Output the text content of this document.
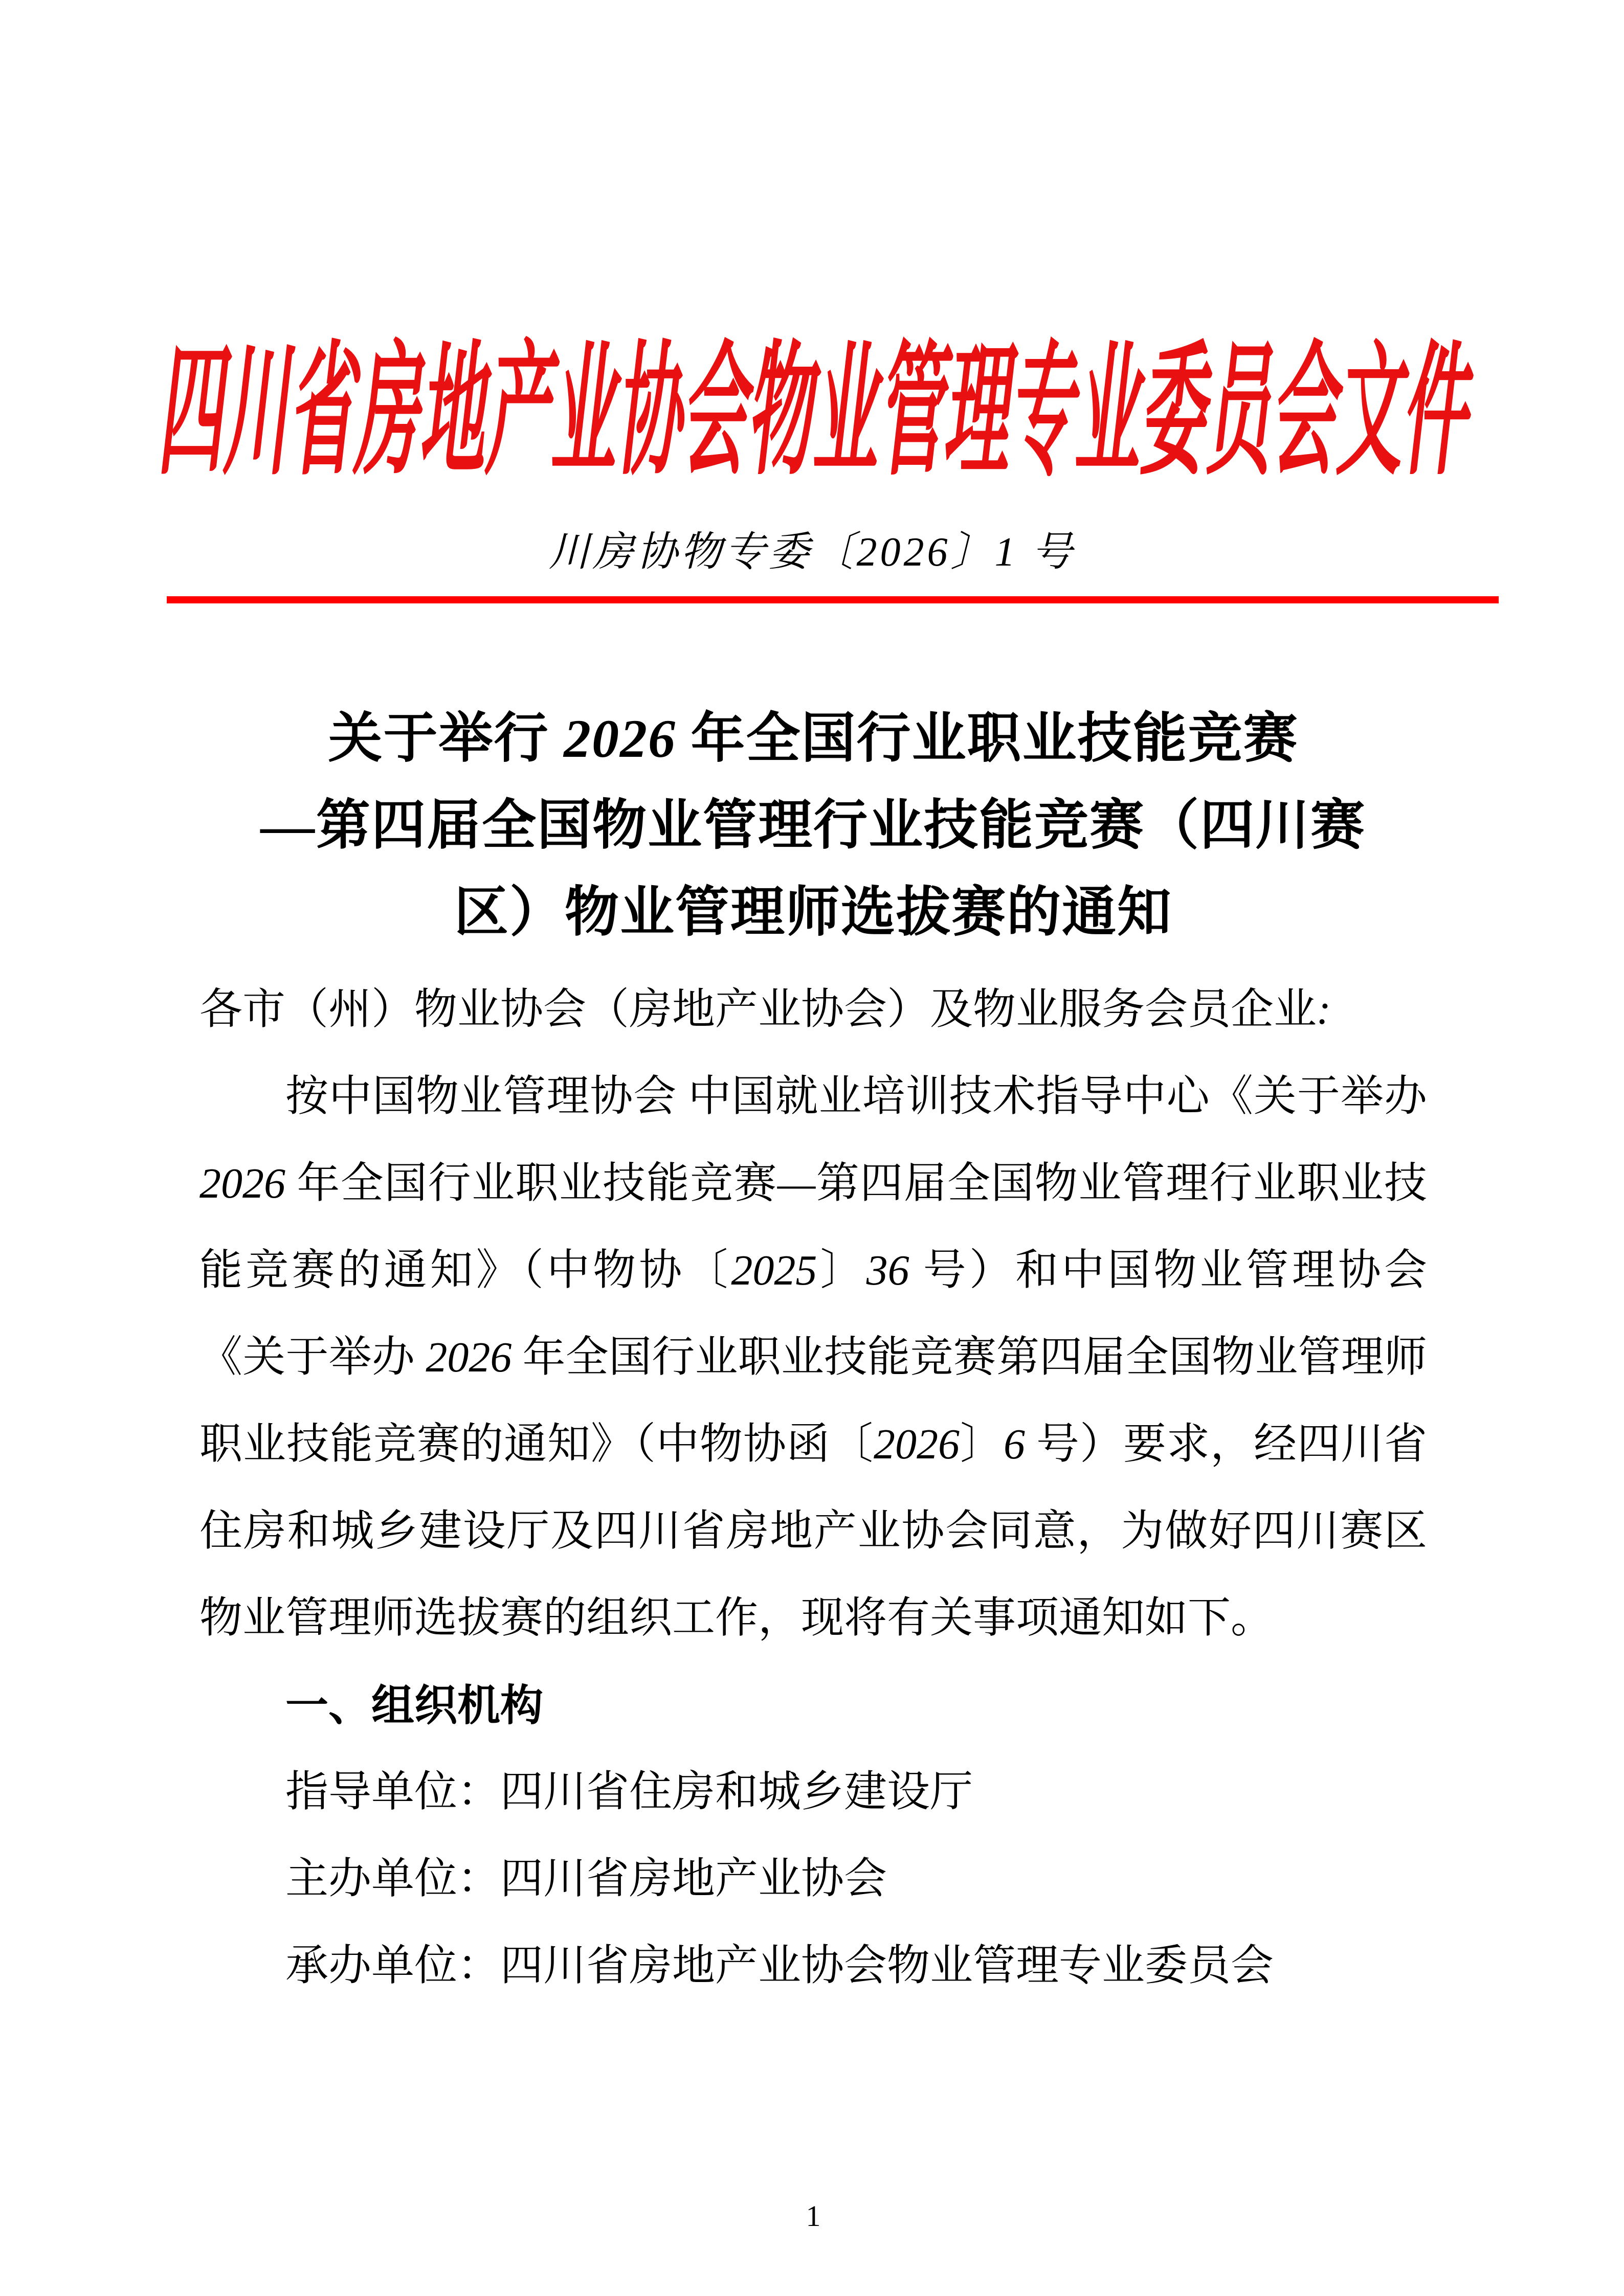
四川省房地产业协会物业管理专业委员会文件
川房协物专委〔2026〕1 号
关于举行 2026 年全国行业职业技能竞赛
—第四届全国物业管理行业技能竞赛（四川赛
区）物业管理师选拔赛的通知
各市（州）物业协会（房地产业协会）及物业服务会员企业:
按中国物业管理协会 中国就业培训技术指导中心《关于举办 2026 年全国行业职业技能竞赛—第四届全国物业管理行业职业技能竞赛的通知》（中物协〔2025〕36 号）和中国物业管理协会《关于举办 2026 年全国行业职业技能竞赛第四届全国物业管理师职业技能竞赛的通知》（中物协函〔2026〕6 号）要求，经四川省住房和城乡建设厅及四川省房地产业协会同意，为做好四川赛区物业管理师选拔赛的组织工作，现将有关事项通知如下。
一、组织机构
指导单位：四川省住房和城乡建设厅
主办单位：四川省房地产业协会
承办单位：四川省房地产业协会物业管理专业委员会
1
